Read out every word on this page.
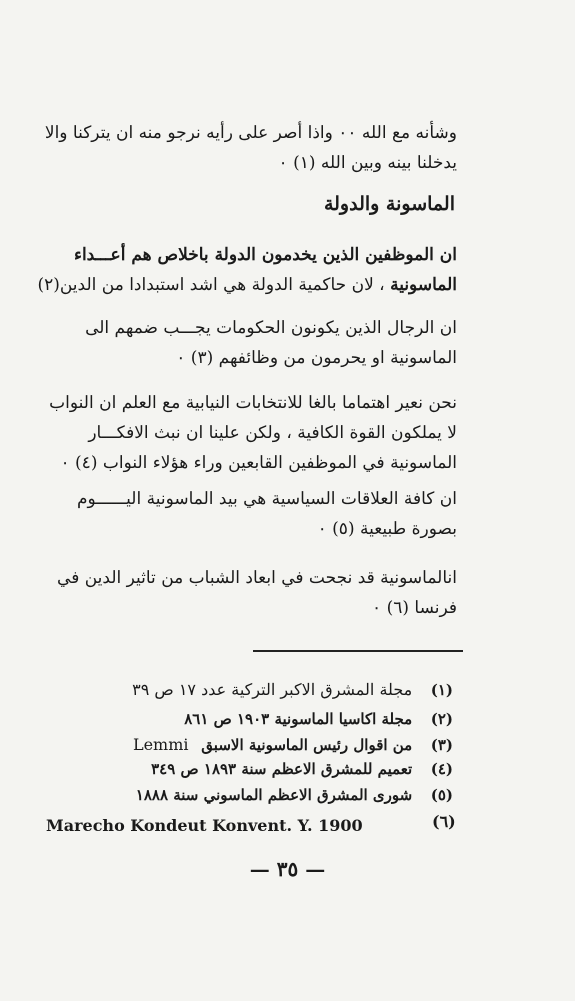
وشأنه مع الله ٠٠ واذا أصر على رأيه نرجو منه ان يتركنا والا يدخلنا بينه وبين الله (١) ٠
الماسونة والدولة
ان الموظفين الذين يخدمون الدولة باخلاص هم أعـــداء الماسونية ، لان حاكمية الدولة هي اشد استبدادا من الدين(٢)
ان الرجال الذين يكونون الحكومات يجـــب ضمهم الى الماسونية او يحرمون من وظائفهم (٣) ٠
نحن نعير اهتماما بالغا للانتخابات النيابية مع العلم ان النواب لا يملكون القوة الكافية ، ولكن علينا ان نبث الافكـــار الماسونية في الموظفين القابعين وراء هؤلاء النواب (٤) ٠
ان كافة العلاقات السياسية هي بيد الماسونية اليــــــوم بصورة طبيعية (٥) ٠
انالماسونية قد نجحت في ابعاد الشباب من تاثير الدين في فرنسا (٦) ٠
(١) مجلة المشرق الاكبر التركية عدد ١٧ ص ٣٩
(٢) مجلة اكاسيا الماسونية ١٩٠٣ ص ٨٦١
(٣) من اقوال رئيس الماسونية الاسبق Lemmi
(٤) تعميم للمشرق الاعظم سنة ١٨٩٣ ص ٣٤٩
(٥) شورى المشرق الاعظم الماسوني سنة ١٨٨٨
Marecho Kondeut Konvent. Y. 1900	(٦)
— ٣٥ —
